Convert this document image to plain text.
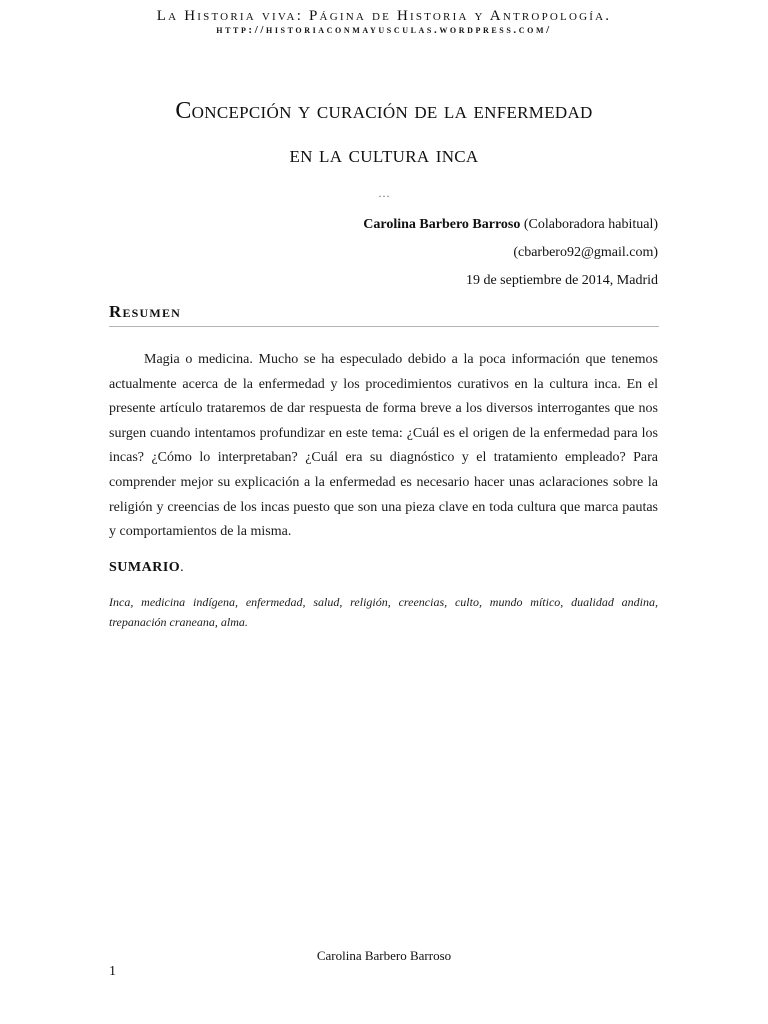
La Historia viva: Página de Historia y Antropología.
http://historiaconmayusculas.wordpress.com/
Concepción y curación de la enfermedad
en la cultura inca
…
Carolina Barbero Barroso (Colaboradora habitual)
(cbarbero92@gmail.com)
19 de septiembre de 2014, Madrid
Resumen

Magia o medicina. Mucho se ha especulado debido a la poca información que tenemos actualmente acerca de la enfermedad y los procedimientos curativos en la cultura inca. En el presente artículo trataremos de dar respuesta de forma breve a los diversos interrogantes que nos surgen cuando intentamos profundizar en este tema: ¿Cuál es el origen de la enfermedad para los incas? ¿Cómo lo interpretaban? ¿Cuál era su diagnóstico y el tratamiento empleado? Para comprender mejor su explicación a la enfermedad es necesario hacer unas aclaraciones sobre la religión y creencias de los incas puesto que son una pieza clave en toda cultura que marca pautas y comportamientos de la misma.

SUMARIO.

Inca, medicina indígena, enfermedad, salud, religión, creencias, culto, mundo mítico, dualidad andina, trepanación craneana, alma.

Carolina Barbero Barroso
1
